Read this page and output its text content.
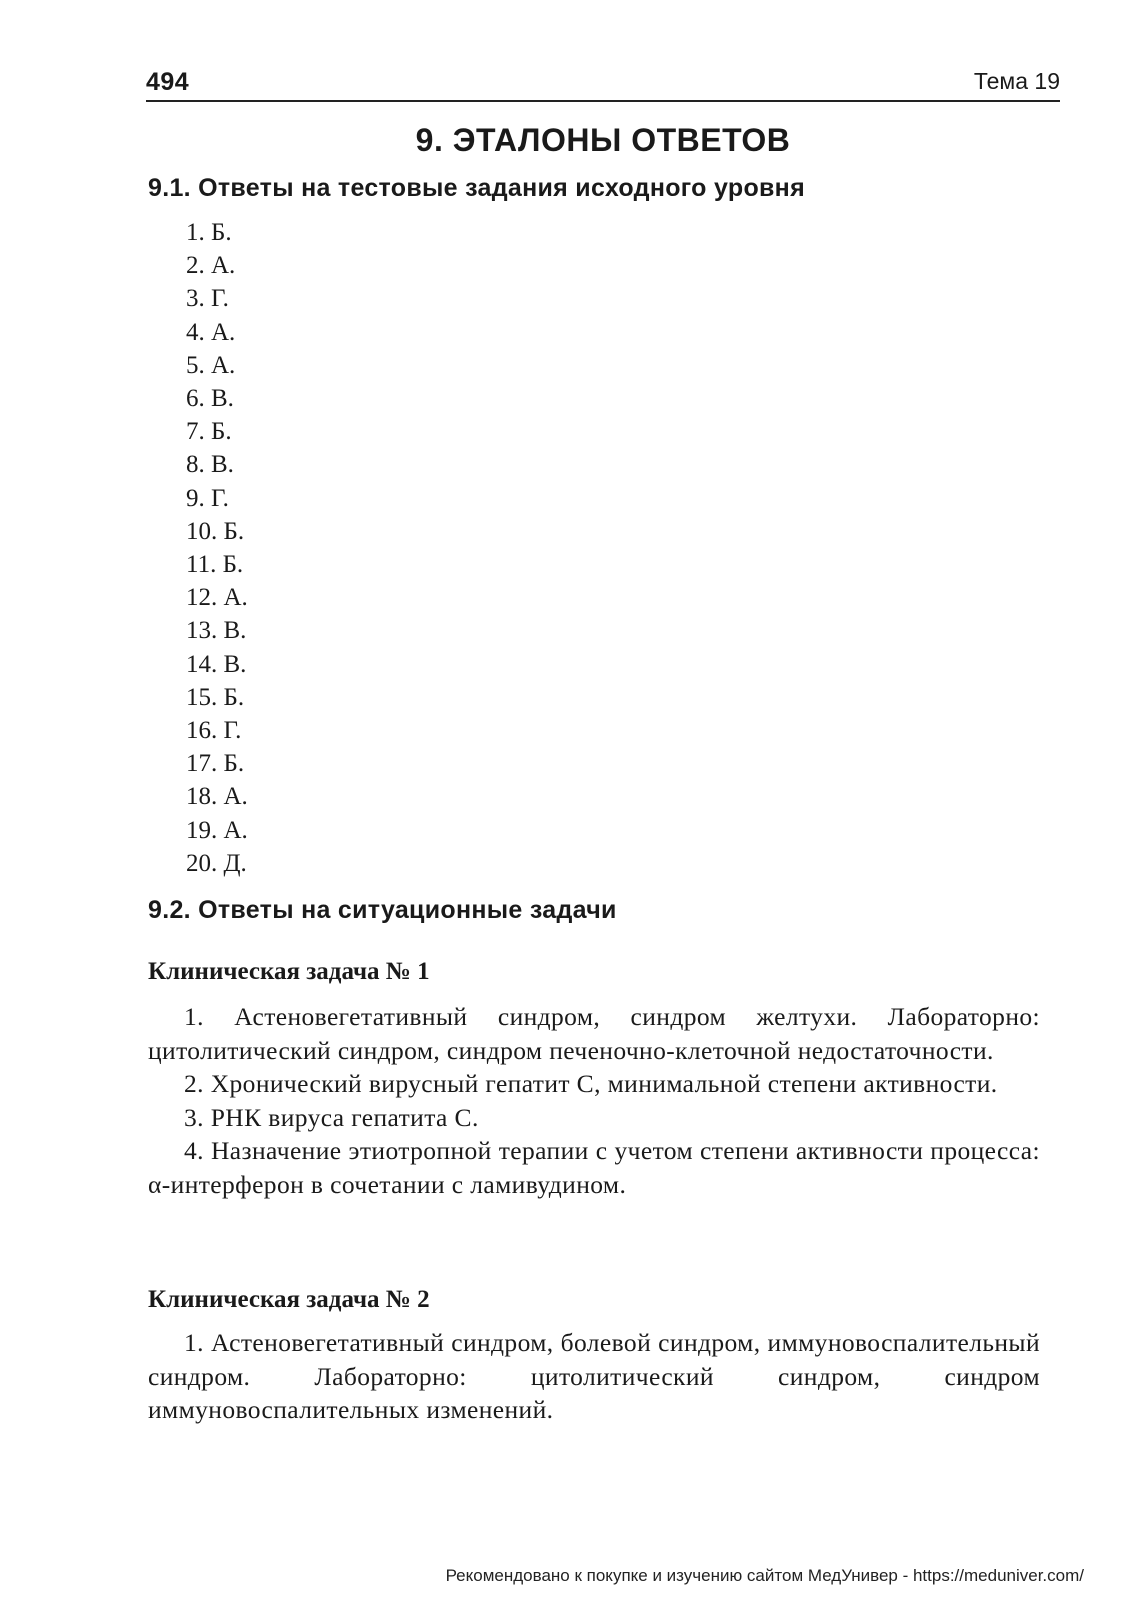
494	Тема 19
9. ЭТАЛОНЫ ОТВЕТОВ
9.1. Ответы на тестовые задания исходного уровня
1. Б.
2. А.
3. Г.
4. А.
5. А.
6. В.
7. Б.
8. В.
9. Г.
10. Б.
11. Б.
12. А.
13. В.
14. В.
15. Б.
16. Г.
17. Б.
18. А.
19. А.
20. Д.
9.2. Ответы на ситуационные задачи
Клиническая задача № 1

1. Астеновегетативный синдром, синдром желтухи. Лабораторно: цитолитический синдром, синдром печеночно-клеточной недостаточности.

2. Хронический вирусный гепатит С, минимальной степени активности.

3. РНК вируса гепатита С.

4. Назначение этиотропной терапии с учетом степени активности процесса: α-интерферон в сочетании с ламивудином.

Клиническая задача № 2

1. Астеновегетативный синдром, болевой синдром, иммуновоспалительный синдром. Лабораторно: цитолитический синдром, синдром иммуновоспалительных изменений.

Рекомендовано к покупке и изучению сайтом МедУнивер - https://meduniver.com/
